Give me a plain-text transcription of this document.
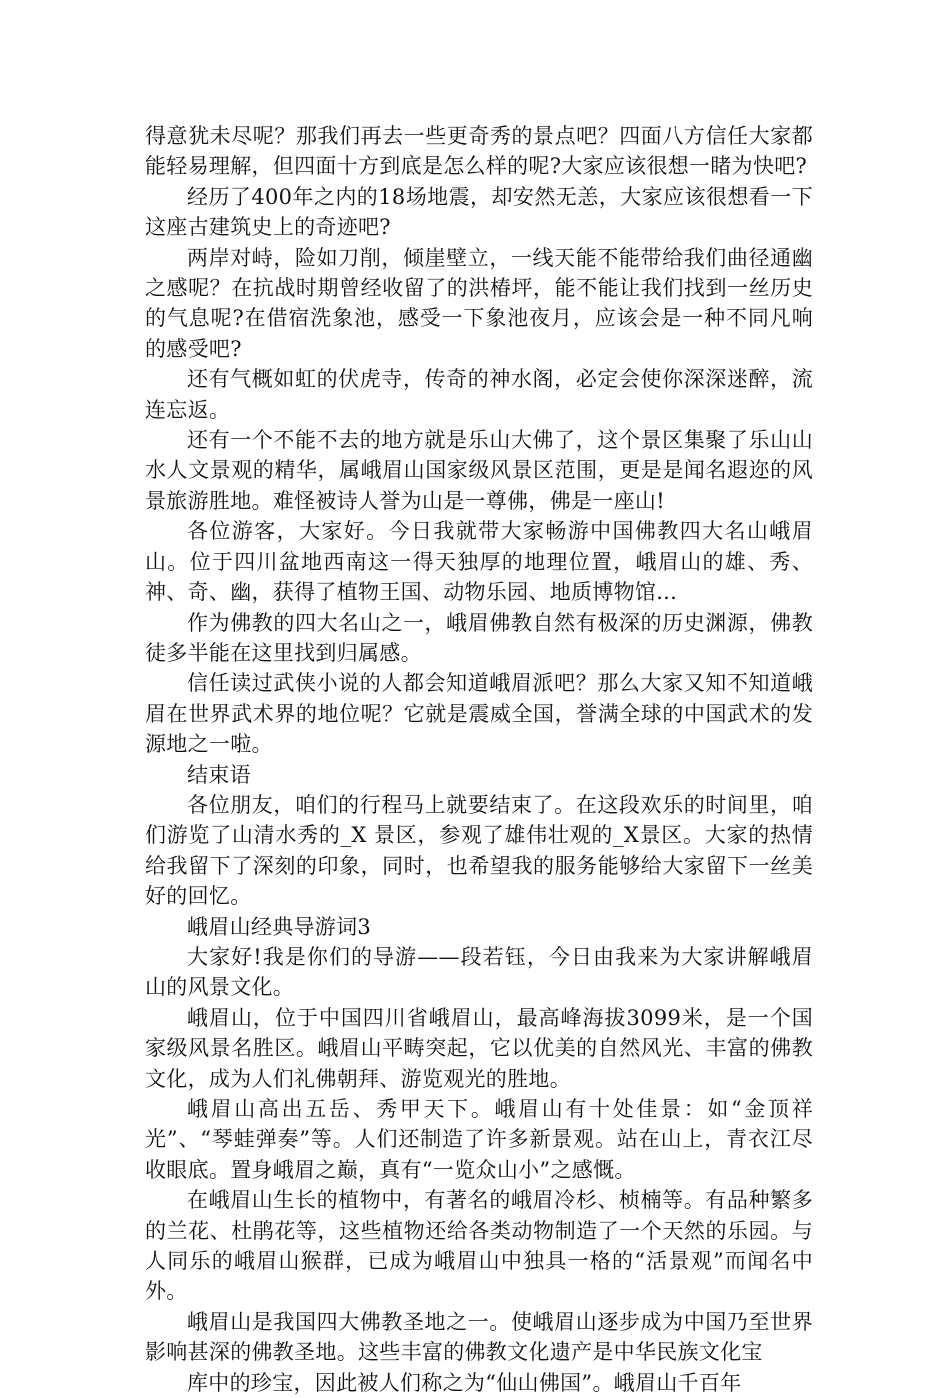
得意犹未尽呢？那我们再去一些更奇秀的景点吧？四面八方信任大家都能轻易理解，但四面十方到底是怎么样的呢?大家应该很想一睹为快吧?

经历了400年之内的18场地震，却安然无恙，大家应该很想看一下这座古建筑史上的奇迹吧?

两岸对峙，险如刀削，倾崖壁立，一线天能不能带给我们曲径通幽之感呢？在抗战时期曾经收留了的洪椿坪，能不能让我们找到一丝历史的气息呢?在借宿洗象池，感受一下象池夜月，应该会是一种不同凡响的感受吧?

还有气概如虹的伏虎寺，传奇的神水阁，必定会使你深深迷醉，流连忘返。

还有一个不能不去的地方就是乐山大佛了，这个景区集聚了乐山山水人文景观的精华，属峨眉山国家级风景区范围，更是是闻名遐迩的风景旅游胜地。难怪被诗人誉为山是一尊佛，佛是一座山!

各位游客，大家好。今日我就带大家畅游中国佛教四大名山峨眉山。位于四川盆地西南这一得天独厚的地理位置，峨眉山的雄、秀、神、奇、幽，获得了植物王国、动物乐园、地质博物馆...

作为佛教的四大名山之一，峨眉佛教自然有极深的历史渊源，佛教徒多半能在这里找到归属感。

信任读过武侠小说的人都会知道峨眉派吧？那么大家又知不知道峨眉在世界武术界的地位呢？它就是震威全国，誉满全球的中国武术的发源地之一啦。

结束语

各位朋友，咱们的行程马上就要结束了。在这段欢乐的时间里，咱们游览了山清水秀的_X 景区，参观了雄伟壮观的_X景区。大家的热情给我留下了深刻的印象，同时，也希望我的服务能够给大家留下一丝美好的回忆。

峨眉山经典导游词3

大家好!我是你们的导游——段若钰，今日由我来为大家讲解峨眉山的风景文化。

峨眉山，位于中国四川省峨眉山，最高峰海拔3099米，是一个国家级风景名胜区。峨眉山平畴突起，它以优美的自然风光、丰富的佛教文化，成为人们礼佛朝拜、游览观光的胜地。

峨眉山高出五岳、秀甲天下。峨眉山有十处佳景：如“金顶祥光”、“琴蛙弹奏”等。人们还制造了许多新景观。站在山上，青衣江尽收眼底。置身峨眉之巅，真有“一览众山小”之感慨。

在峨眉山生长的植物中，有著名的峨眉冷杉、桢楠等。有品种繁多的兰花、杜鹃花等，这些植物还给各类动物制造了一个天然的乐园。与人同乐的峨眉山猴群，已成为峨眉山中独具一格的“活景观”而闻名中外。

峨眉山是我国四大佛教圣地之一。使峨眉山逐步成为中国乃至世界影响甚深的佛教圣地。这些丰富的佛教文化遗产是中华民族文化宝

库中的珍宝，因此被人们称之为“仙山佛国”。峨眉山千百年
